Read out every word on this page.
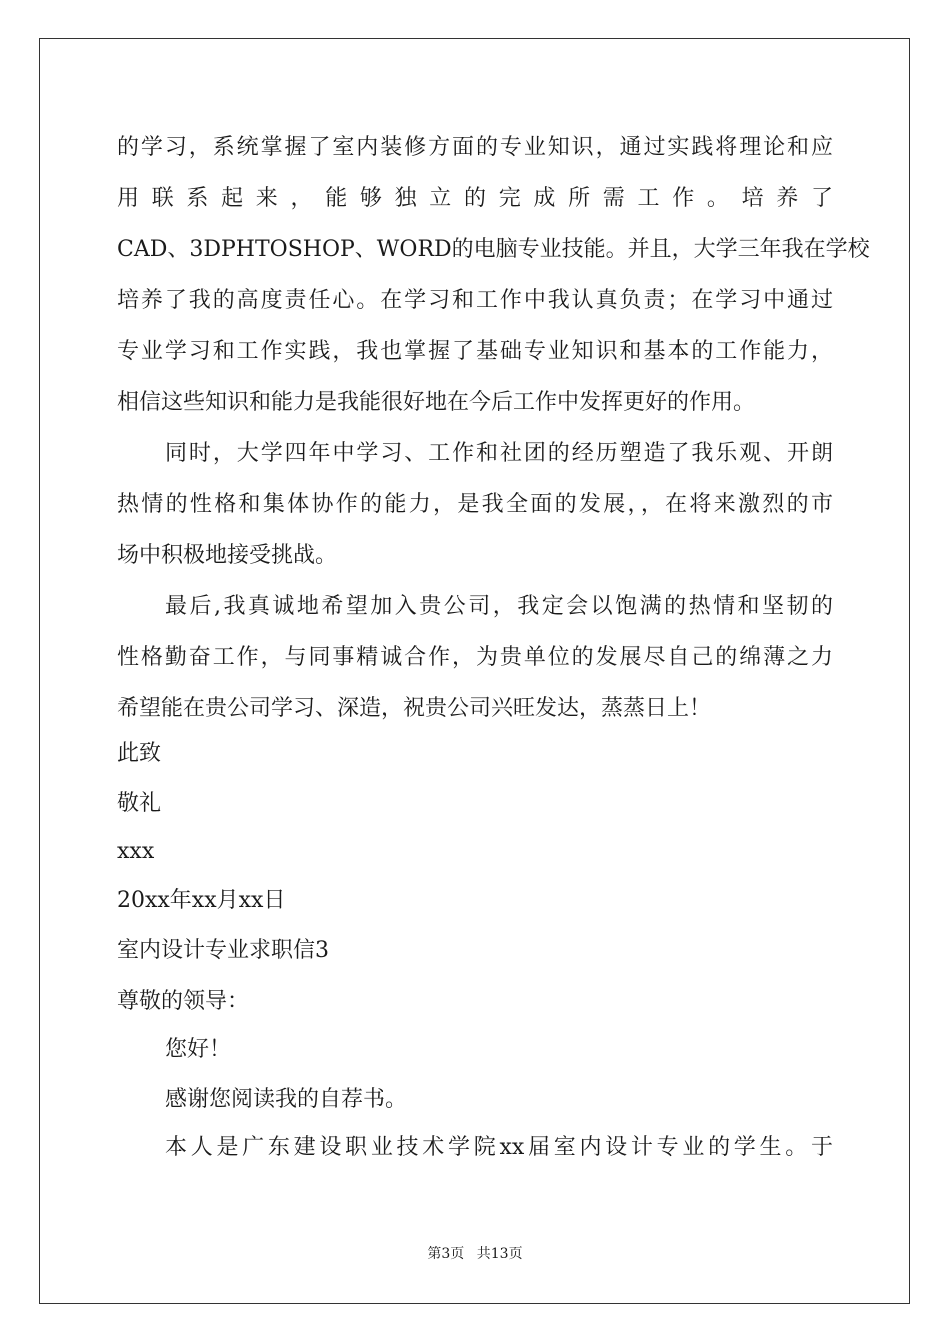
的学习，系统掌握了室内装修方面的专业知识，通过实践将理论和应
用联系起来，能够独立的完成所需工作。培养了
CAD、3DPHTOSHOP、WORD的电脑专业技能。并且，大学三年我在学校
培养了我的高度责任心。在学习和工作中我认真负责；在学习中通过
专业学习和工作实践，我也掌握了基础专业知识和基本的工作能力，
相信这些知识和能力是我能很好地在今后工作中发挥更好的作用。
同时，大学四年中学习、工作和社团的经历塑造了我乐观、开朗
热情的性格和集体协作的能力，是我全面的发展，，在将来激烈的市
场中积极地接受挑战。
最后,我真诚地希望加入贵公司，我定会以饱满的热情和坚韧的
性格勤奋工作，与同事精诚合作，为贵单位的发展尽自己的绵薄之力
希望能在贵公司学习、深造，祝贵公司兴旺发达，蒸蒸日上！
此致
敬礼
xxx
20xx年xx月xx日
室内设计专业求职信3
尊敬的领导：
您好！
感谢您阅读我的自荐书。
本人是广东建设职业技术学院xx届室内设计专业的学生。于
第3页 共13页
